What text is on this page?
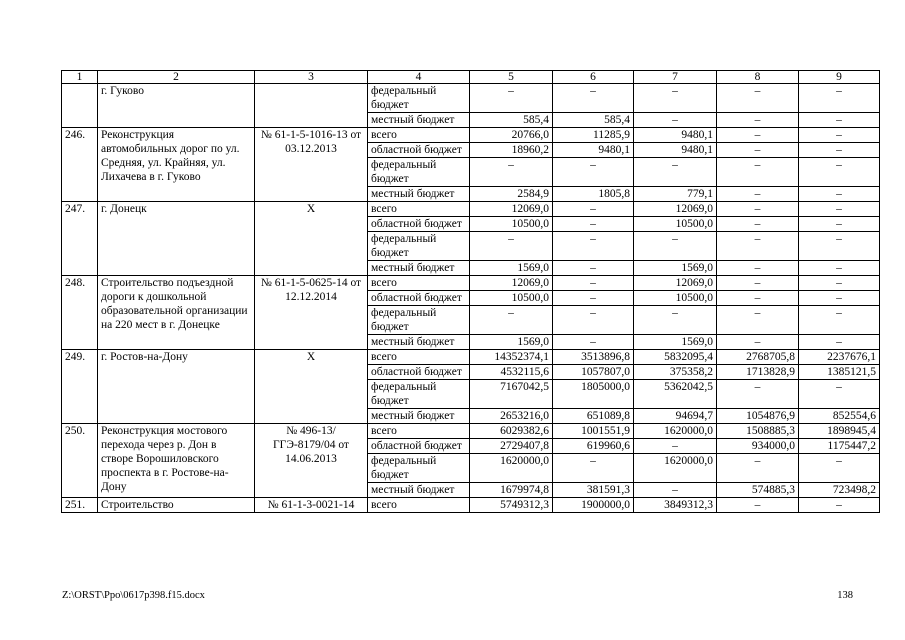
1	2	3	4	5	6	7	8	9
	г. Гуково		федеральный бюджет	–	–	–	–	–
			местный бюджет	585,4	585,4	–	–	–
246.	Реконструкция автомобильных дорог по ул. Средняя, ул. Крайняя, ул. Лихачева в г. Гуково	№ 61-1-5-1016-13 от 03.12.2013	всего	20766,0	11285,9	9480,1	–	–
			областной бюджет	18960,2	9480,1	9480,1	–	–
			федеральный бюджет	–	–	–	–	–
			местный бюджет	2584,9	1805,8	779,1	–	–
247.	г. Донецк	Х	всего	12069,0	–	12069,0	–	–
			областной бюджет	10500,0	–	10500,0	–	–
			федеральный бюджет	–	–	–	–	–
			местный бюджет	1569,0	–	1569,0	–	–
248.	Строительство подъездной дороги к дошкольной образовательной организации на 220 мест в г. Донецке	№ 61-1-5-0625-14 от 12.12.2014	всего	12069,0	–	12069,0	–	–
			областной бюджет	10500,0	–	10500,0	–	–
			федеральный бюджет	–	–	–	–	–
			местный бюджет	1569,0	–	1569,0	–	–
249.	г. Ростов-на-Дону	Х	всего	14352374,1	3513896,8	5832095,4	2768705,8	2237676,1
			областной бюджет	4532115,6	1057807,0	375358,2	1713828,9	1385121,5
			федеральный бюджет	7167042,5	1805000,0	5362042,5	–	–
			местный бюджет	2653216,0	651089,8	94694,7	1054876,9	852554,6
250.	Реконструкция мостового перехода через р. Дон в створе Ворошиловского проспекта в г. Ростове-на-Дону	№ 496-13/ГГЭ-8179/04 от 14.06.2013	всего	6029382,6	1001551,9	1620000,0	1508885,3	1898945,4
			областной бюджет	2729407,8	619960,6	–	934000,0	1175447,2
			федеральный бюджет	1620000,0	–	1620000,0	–	–
			местный бюджет	1679974,8	381591,3	–	574885,3	723498,2
251.	Строительство	№ 61-1-3-0021-14	всего	5749312,3	1900000,0	3849312,3	–	–
Z:\ORST\Ppo\0617p398.f15.docx	138
